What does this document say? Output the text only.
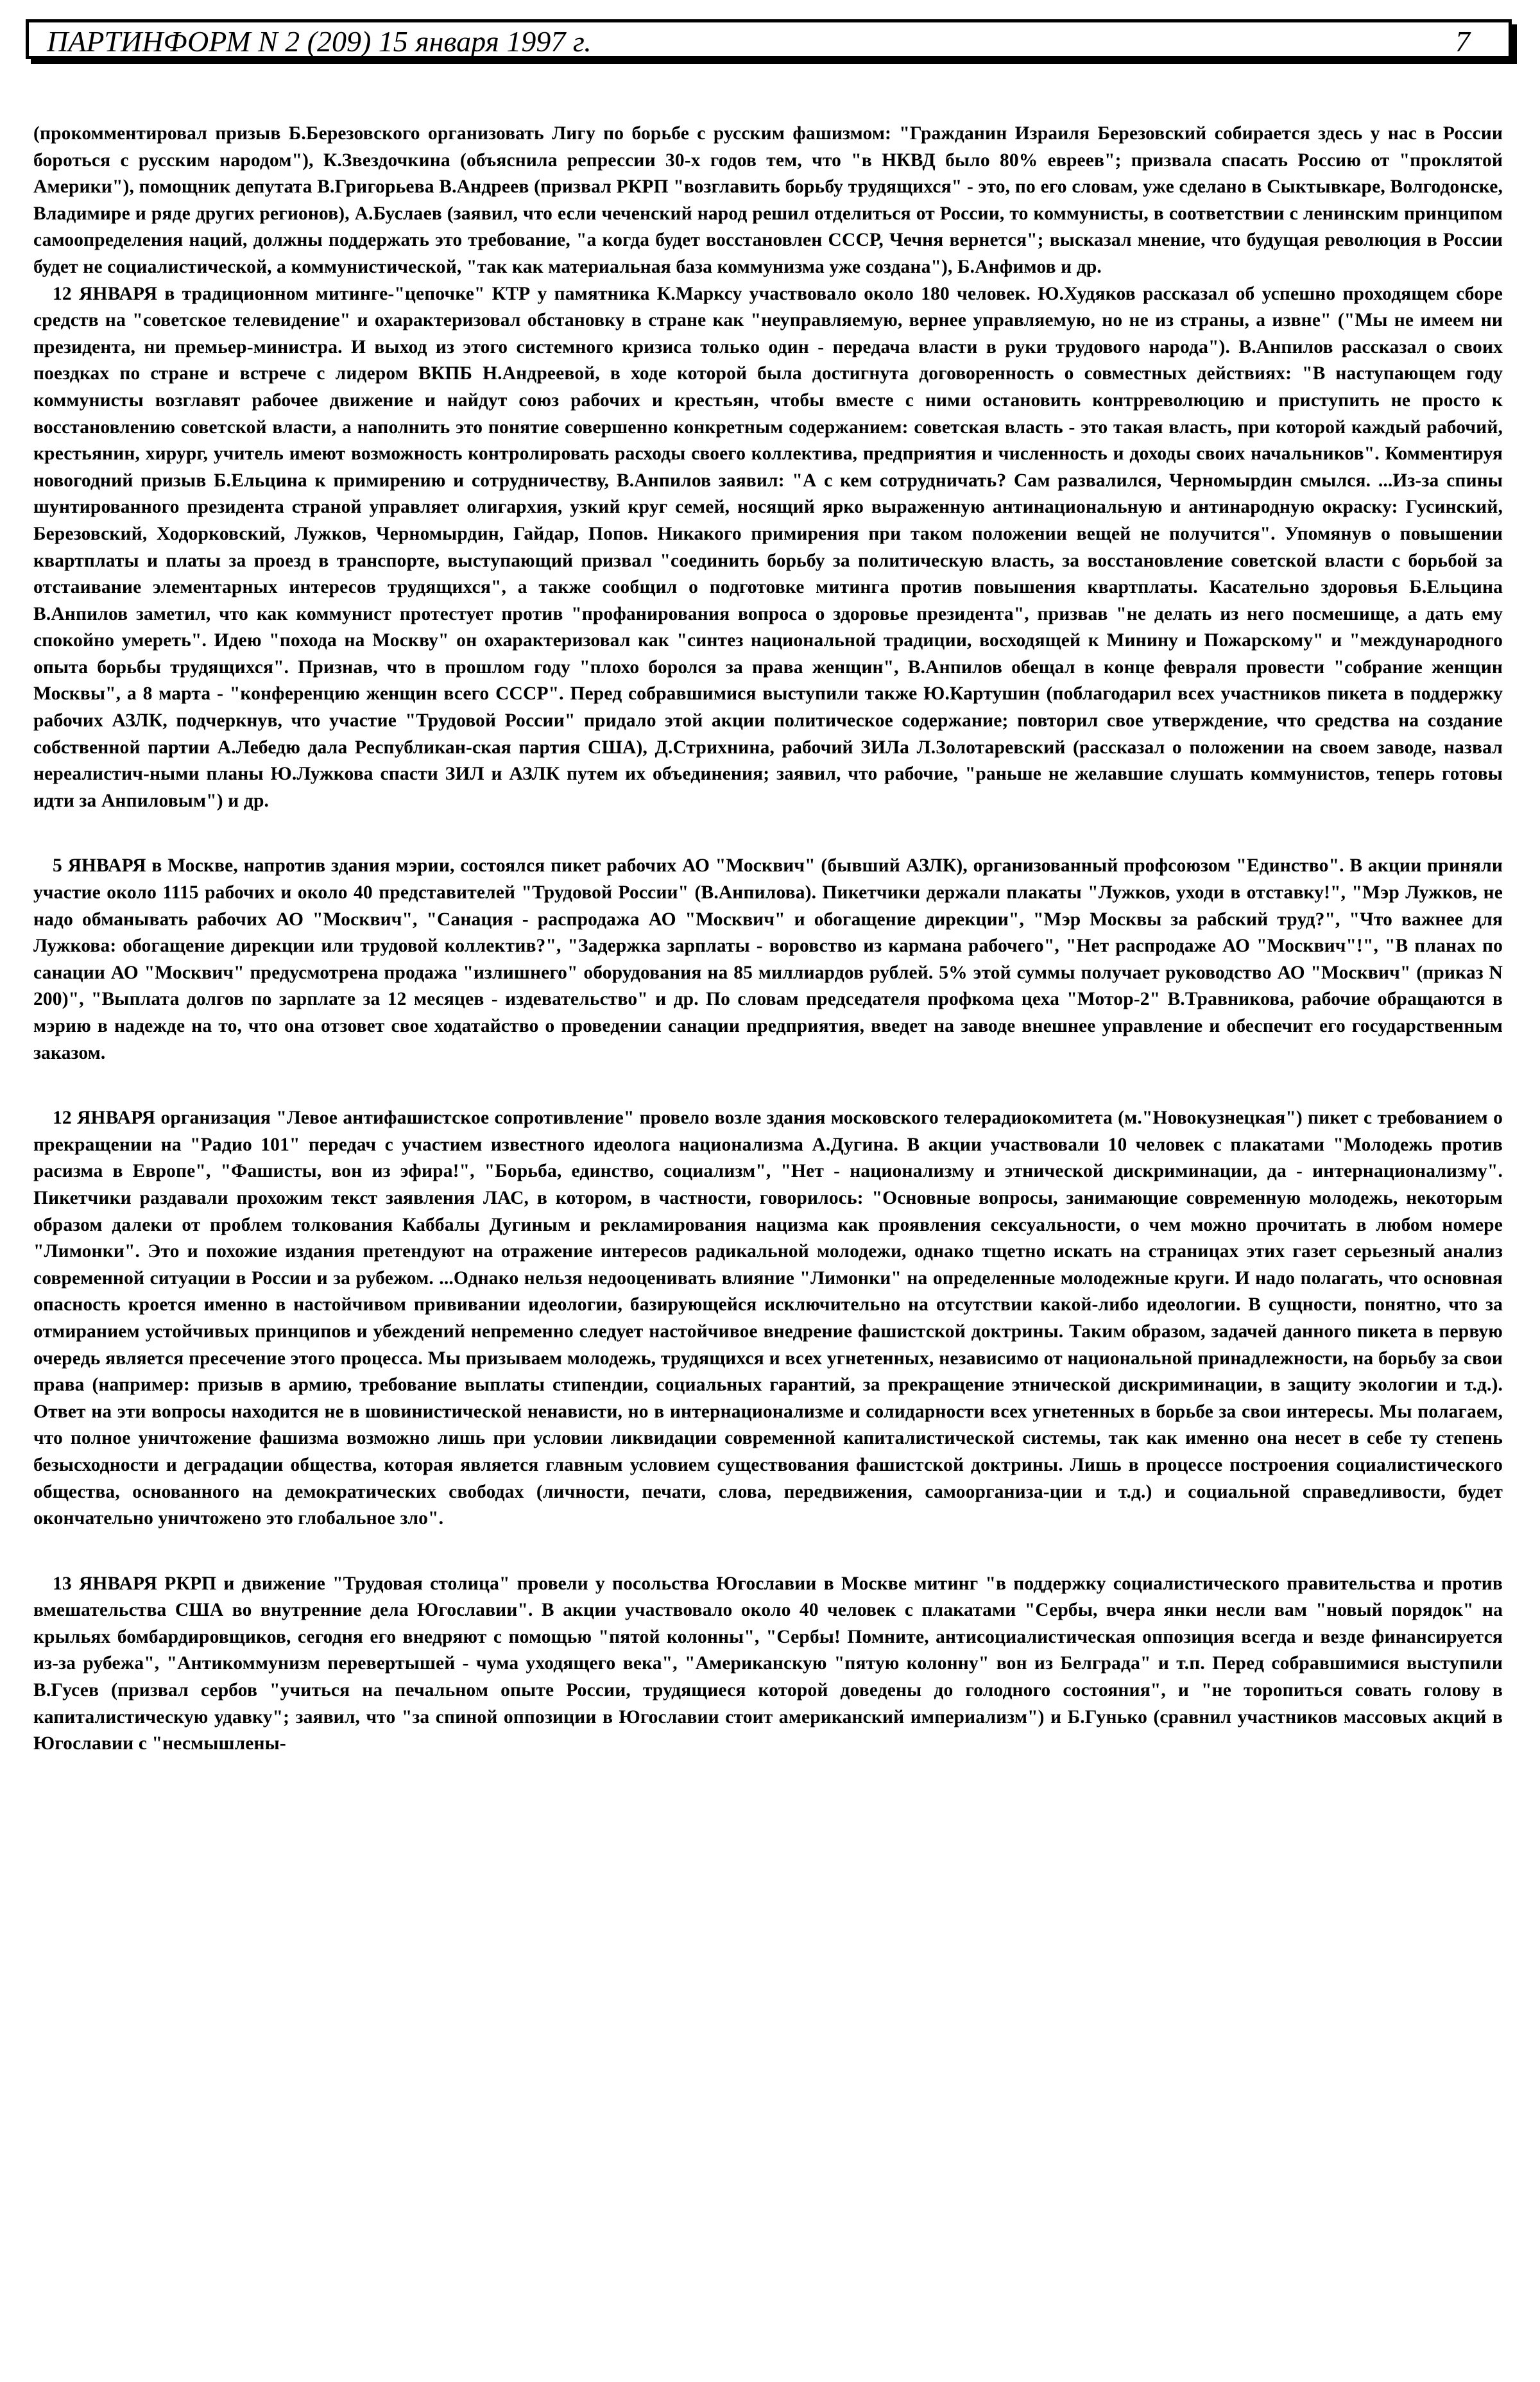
ПАРТИНФОРМ N 2 (209) 15 января 1997 г.	7

(прокомментировал призыв Б.Березовского организовать Лигу по борьбе с русским фашизмом: "Гражданин Израиля Березовский собирается здесь у нас в России бороться с русским народом"), К.Звездочкина (объяснила репрессии 30-х годов тем, что "в НКВД было 80% евреев"; призвала спасать Россию от "проклятой Америки"), помощник депутата В.Григорьева В.Андреев (призвал РКРП "возглавить борьбу трудящихся" - это, по его словам, уже сделано в Сыктывкаре, Волгодонске, Владимире и ряде других регионов), А.Буслаев (заявил, что если чеченский народ решил отделиться от России, то коммунисты, в соответствии с ленинским принципом самоопределения наций, должны поддержать это требование, "а когда будет восстановлен СССР, Чечня вернется"; высказал мнение, что будущая революция в России будет не социалистической, а коммунистической, "так как материальная база коммунизма уже создана"), Б.Анфимов и др.

12 ЯНВАРЯ в традиционном митинге-"цепочке" КТР у памятника К.Марксу участвовало около 180 человек. Ю.Худяков рассказал об успешно проходящем сборе средств на "советское телевидение" и охарактеризовал обстановку в стране как "неуправляемую, вернее управляемую, но не из страны, а извне" ("Мы не имеем ни президента, ни премьер-министра. И выход из этого системного кризиса только один - передача власти в руки трудового народа"). В.Анпилов рассказал о своих поездках по стране и встрече с лидером ВКПБ Н.Андреевой, в ходе которой была достигнута договоренность о совместных действиях: "В наступающем году коммунисты возглавят рабочее движение и найдут союз рабочих и крестьян, чтобы вместе с ними остановить контрреволюцию и приступить не просто к восстановлению советской власти, а наполнить это понятие совершенно конкретным содержанием: советская власть - это такая власть, при которой каждый рабочий, крестьянин, хирург, учитель имеют возможность контролировать расходы своего коллектива, предприятия и численность и доходы своих начальников". Комментируя новогодний призыв Б.Ельцина к примирению и сотрудничеству, В.Анпилов заявил: "А с кем сотрудничать? Сам развалился, Черномырдин смылся. ...Из-за спины шунтированного президента страной управляет олигархия, узкий круг семей, носящий ярко выраженную антинациональную и антинародную окраску: Гусинский, Березовский, Ходорковский, Лужков, Черномырдин, Гайдар, Попов. Никакого примирения при таком положении вещей не получится". Упомянув о повышении квартплаты и платы за проезд в транспорте, выступающий призвал "соединить борьбу за политическую власть, за восстановление советской власти с борьбой за отстаивание элементарных интересов трудящихся", а также сообщил о подготовке митинга против повышения квартплаты. Касательно здоровья Б.Ельцина В.Анпилов заметил, что как коммунист протестует против "профанирования вопроса о здоровье президента", призвав "не делать из него посмешище, а дать ему спокойно умереть". Идею "похода на Москву" он охарактеризовал как "синтез национальной традиции, восходящей к Минину и Пожарскому" и "международного опыта борьбы трудящихся". Признав, что в прошлом году "плохо боролся за права женщин", В.Анпилов обещал в конце февраля провести "собрание женщин Москвы", а 8 марта - "конференцию женщин всего СССР". Перед собравшимися выступили также Ю.Картушин (поблагодарил всех участников пикета в поддержку рабочих АЗЛК, подчеркнув, что участие "Трудовой России" придало этой акции политическое содержание; повторил свое утверждение, что средства на создание собственной партии А.Лебедю дала Республикан-ская партия США), Д.Стрихнина, рабочий ЗИЛа Л.Золотаревский (рассказал о положении на своем заводе, назвал нереалистич-ными планы Ю.Лужкова спасти ЗИЛ и АЗЛК путем их объединения; заявил, что рабочие, "раньше не желавшие слушать коммунистов, теперь готовы идти за Анпиловым") и др.

5 ЯНВАРЯ в Москве, напротив здания мэрии, состоялся пикет рабочих АО "Москвич" (бывший АЗЛК), организованный профсоюзом "Единство". В акции приняли участие около 1115 рабочих и около 40 представителей "Трудовой России" (В.Анпилова). Пикетчики держали плакаты "Лужков, уходи в отставку!", "Мэр Лужков, не надо обманывать рабочих АО "Москвич", "Санация - распродажа АО "Москвич" и обогащение дирекции", "Мэр Москвы за рабский труд?", "Что важнее для Лужкова: обогащение дирекции или трудовой коллектив?", "Задержка зарплаты - воровство из кармана рабочего", "Нет распродаже АО "Москвич"!", "В планах по санации АО "Москвич" предусмотрена продажа "излишнего" оборудования на 85 миллиардов рублей. 5% этой суммы получает руководство АО "Москвич" (приказ N 200)", "Выплата долгов по зарплате за 12 месяцев - издевательство" и др. По словам председателя профкома цеха "Мотор-2" В.Травникова, рабочие обращаются в мэрию в надежде на то, что она отзовет свое ходатайство о проведении санации предприятия, введет на заводе внешнее управление и обеспечит его государственным заказом.

12 ЯНВАРЯ организация "Левое антифашистское сопротивление" провело возле здания московского телерадиокомитета (м."Новокузнецкая") пикет с требованием о прекращении на "Радио 101" передач с участием известного идеолога национализма А.Дугина. В акции участвовали 10 человек с плакатами "Молодежь против расизма в Европе", "Фашисты, вон из эфира!", "Борьба, единство, социализм", "Нет - национализму и этнической дискриминации, да - интернационализму". Пикетчики раздавали прохожим текст заявления ЛАС, в котором, в частности, говорилось: "Основные вопросы, занимающие современную молодежь, некоторым образом далеки от проблем толкования Каббалы Дугиным и рекламирования нацизма как проявления сексуальности, о чем можно прочитать в любом номере "Лимонки". Это и похожие издания претендуют на отражение интересов радикальной молодежи, однако тщетно искать на страницах этих газет серьезный анализ современной ситуации в России и за рубежом. ...Однако нельзя недооценивать влияние "Лимонки" на определенные молодежные круги. И надо полагать, что основная опасность кроется именно в настойчивом прививании идеологии, базирующейся исключительно на отсутствии какой-либо идеологии. В сущности, понятно, что за отмиранием устойчивых принципов и убеждений непременно следует настойчивое внедрение фашистской доктрины. Таким образом, задачей данного пикета в первую очередь является пресечение этого процесса. Мы призываем молодежь, трудящихся и всех угнетенных, независимо от национальной принадлежности, на борьбу за свои права (например: призыв в армию, требование выплаты стипендии, социальных гарантий, за прекращение этнической дискриминации, в защиту экологии и т.д.). Ответ на эти вопросы находится не в шовинистической ненависти, но в интернационализме и солидарности всех угнетенных в борьбе за свои интересы. Мы полагаем, что полное уничтожение фашизма возможно лишь при условии ликвидации современной капиталистической системы, так как именно она несет в себе ту степень безысходности и деградации общества, которая является главным условием существования фашистской доктрины. Лишь в процессе построения социалистического общества, основанного на демократических свободах (личности, печати, слова, передвижения, самоорганиза-ции и т.д.) и социальной справедливости, будет окончательно уничтожено это глобальное зло".

13 ЯНВАРЯ РКРП и движение "Трудовая столица" провели у посольства Югославии в Москве митинг "в поддержку социалистического правительства и против вмешательства США во внутренние дела Югославии". В акции участвовало около 40 человек с плакатами "Сербы, вчера янки несли вам "новый порядок" на крыльях бомбардировщиков, сегодня его внедряют с помощью "пятой колонны", "Сербы! Помните, антисоциалистическая оппозиция всегда и везде финансируется из-за рубежа", "Антикоммунизм перевертышей - чума уходящего века", "Американскую "пятую колонну" вон из Белграда" и т.п. Перед собравшимися выступили В.Гусев (призвал сербов "учиться на печальном опыте России, трудящиеся которой доведены до голодного состояния", и "не торопиться совать голову в капиталистическую удавку"; заявил, что "за спиной оппозиции в Югославии стоит американский империализм") и Б.Гунько (сравнил участников массовых акций в Югославии с "несмышлены-
